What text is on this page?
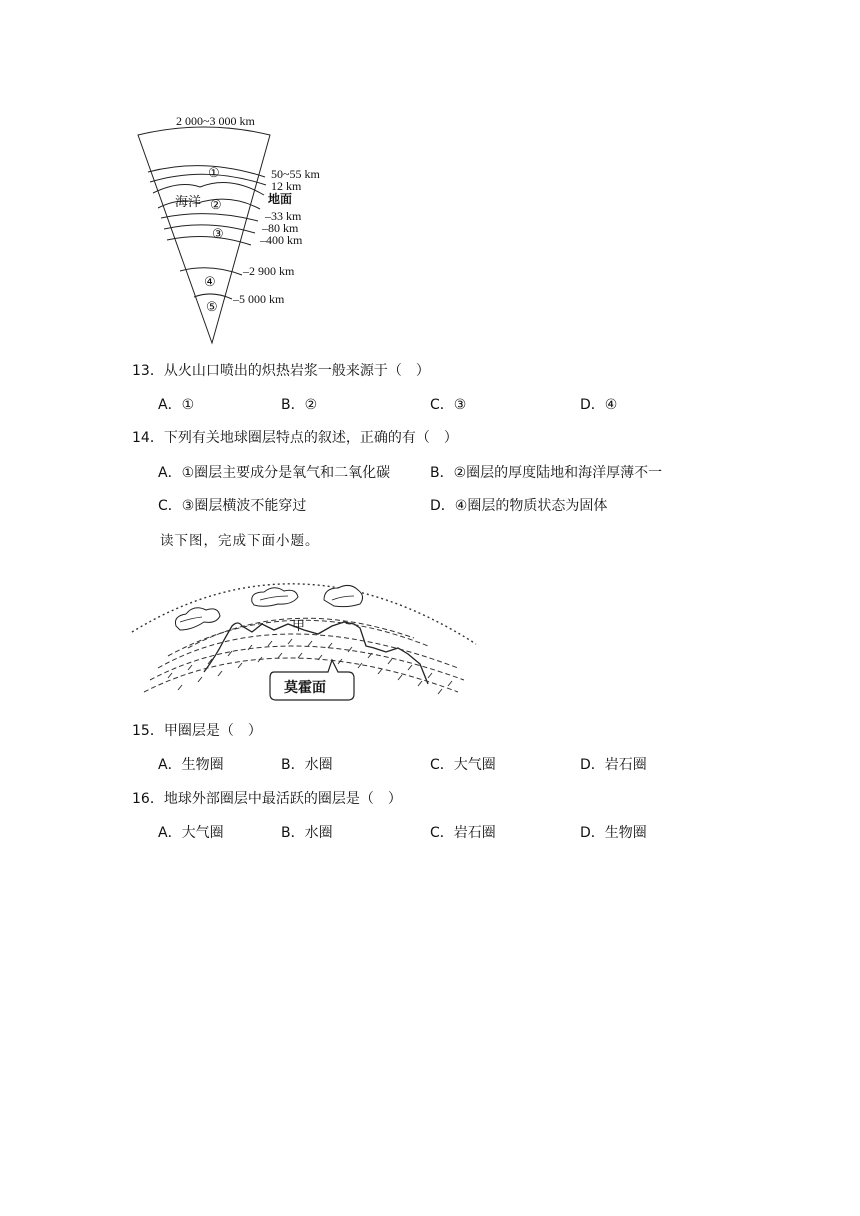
2 000~3 000 km
①
海洋 ②
③
④
⑤
50~55 km
12 km
地面
–33 km
–80 km
–400 km
–2 900 km
–5 000 km
13．从火山口喷出的炽热岩浆一般来源于（　）
A．①	B．②	C．③	D．④
14．下列有关地球圈层特点的叙述，正确的有（　）
A．①圈层主要成分是氧气和二氧化碳	B．②圈层的厚度陆地和海洋厚薄不一
C．③圈层横波不能穿过	D．④圈层的物质状态为固体
读下图，完成下面小题。
甲
莫霍面
15．甲圈层是（　）
A．生物圈	B．水圈	C．大气圈	D．岩石圈
16．地球外部圈层中最活跃的圈层是（　）
A．大气圈	B．水圈	C．岩石圈	D．生物圈
